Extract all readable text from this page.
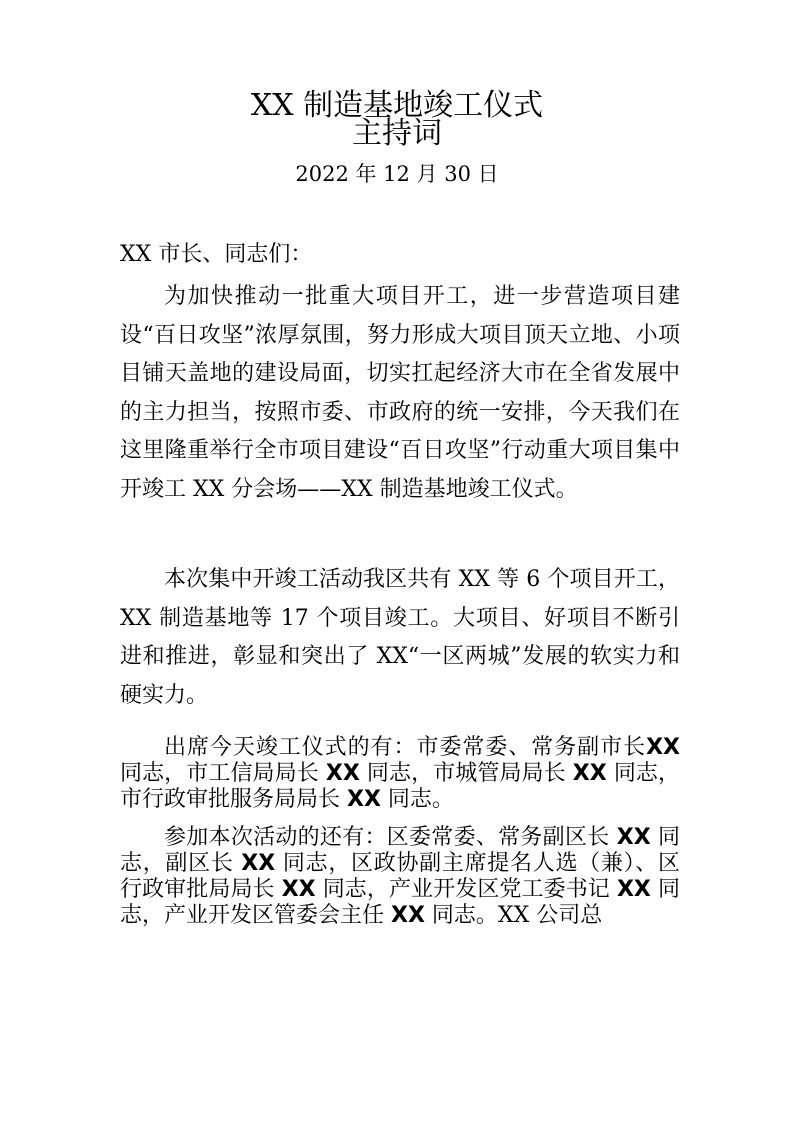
XX 制造基地竣工仪式
主持词
2022 年 12 月 30 日
XX 市长、同志们：
为加快推动一批重大项目开工，进一步营造项目建设“百日攻坚”浓厚氛围，努力形成大项目顶天立地、小项目铺天盖地的建设局面，切实扛起经济大市在全省发展中的主力担当，按照市委、市政府的统一安排，今天我们在这里隆重举行全市项目建设“百日攻坚”行动重大项目集中开竣工 XX 分会场——XX 制造基地竣工仪式。
本次集中开竣工活动我区共有 XX 等 6 个项目开工，XX 制造基地等 17 个项目竣工。大项目、好项目不断引进和推进，彰显和突出了 XX“一区两城”发展的软实力和硬实力。
出席今天竣工仪式的有：市委常委、常务副市长XX 同志，市工信局局长 XX 同志，市城管局局长 XX 同志，市行政审批服务局局长 XX 同志。
参加本次活动的还有：区委常委、常务副区长 XX 同志，副区长 XX 同志，区政协副主席提名人选（兼）、区行政审批局局长 XX 同志，产业开发区党工委书记 XX 同志，产业开发区管委会主任 XX 同志。XX 公司总
